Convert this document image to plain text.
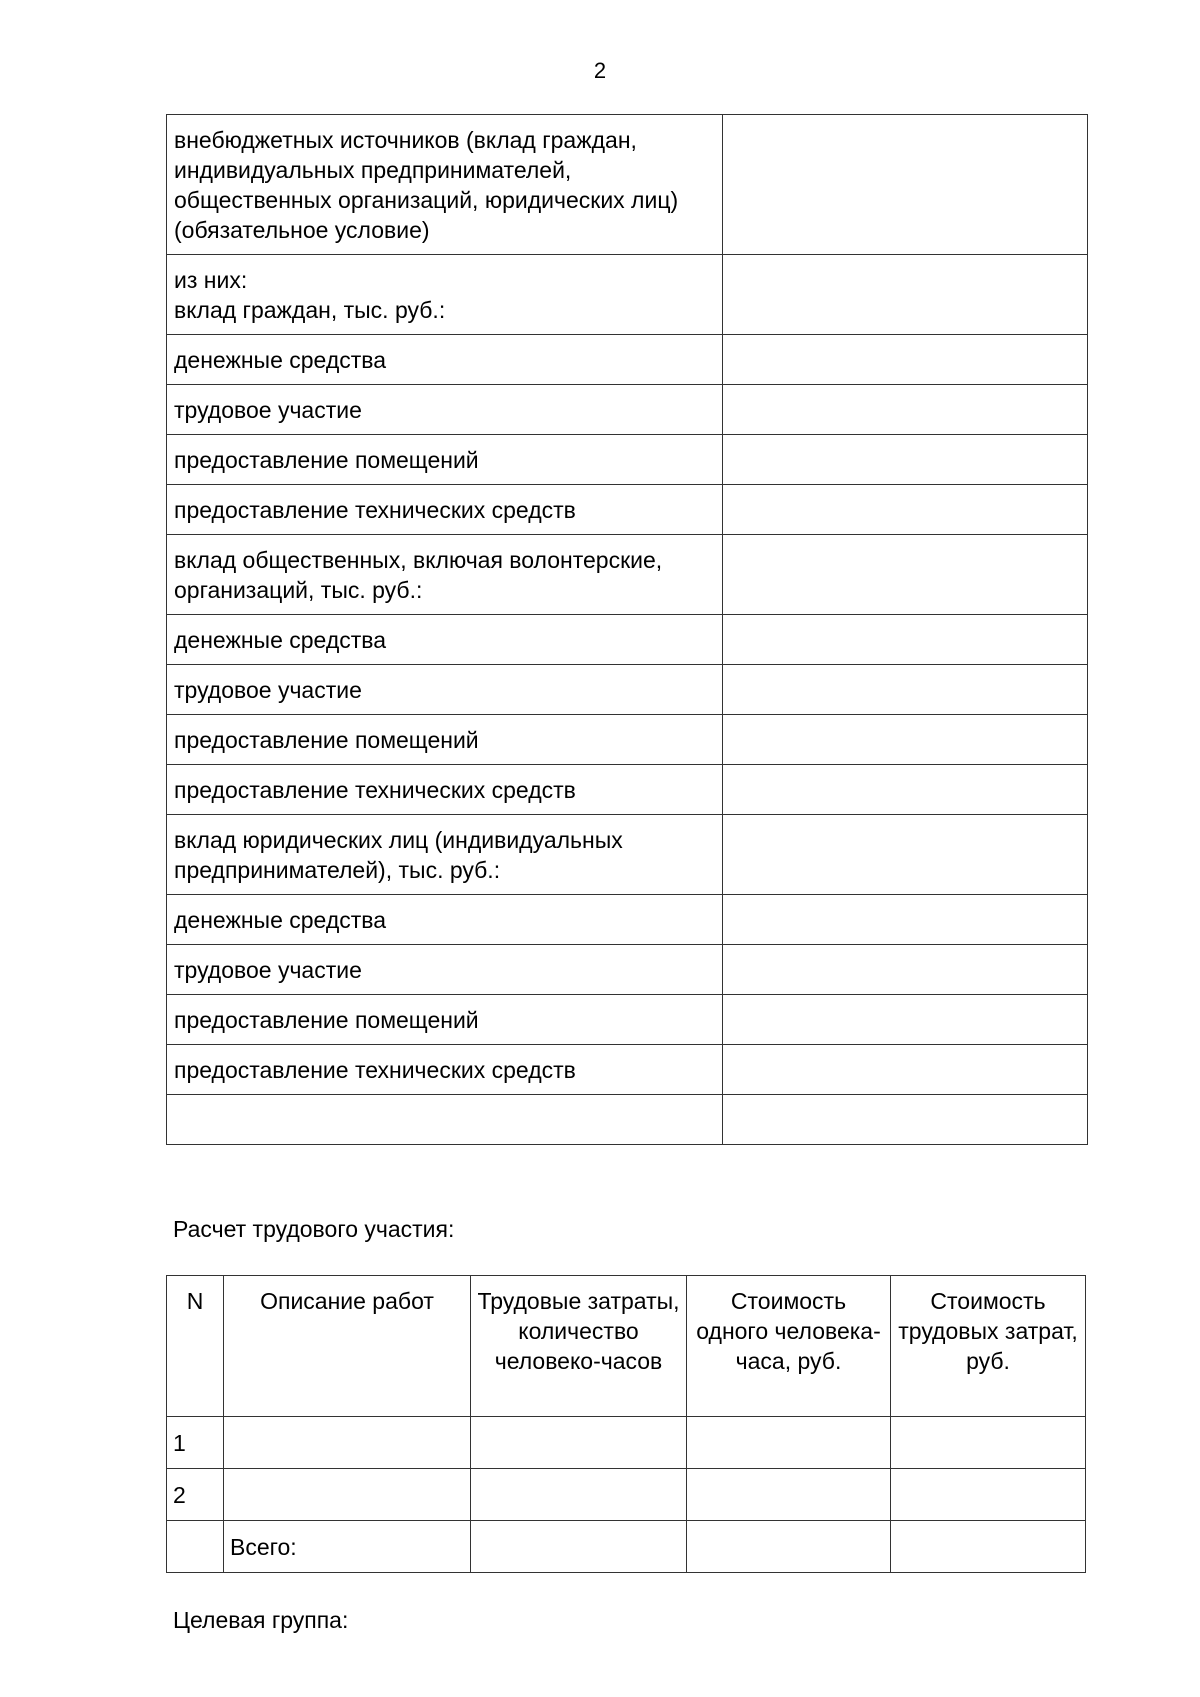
2
внебюджетных источников (вклад граждан, индивидуальных предпринимателей, общественных организаций, юридических лиц) (обязательное условие)	

из них:
вклад граждан, тыс. руб.:	

денежные средства	

трудовое участие	

предоставление помещений	

предоставление технических средств	

вклад общественных, включая волонтерские, организаций, тыс. руб.:	

денежные средства	

трудовое участие	

предоставление помещений	

предоставление технических средств	

вклад юридических лиц (индивидуальных предпринимателей), тыс. руб.:	

денежные средства	

трудовое участие	

предоставление помещений	

предоставление технических средств	

Расчет трудового участия:
N	Описание работ	Трудовые затраты, количество человеко-часов	Стоимость одного человека-часа, руб.	Стоимость трудовых затрат, руб.
1				
2				
	Всего:			
Целевая группа:
